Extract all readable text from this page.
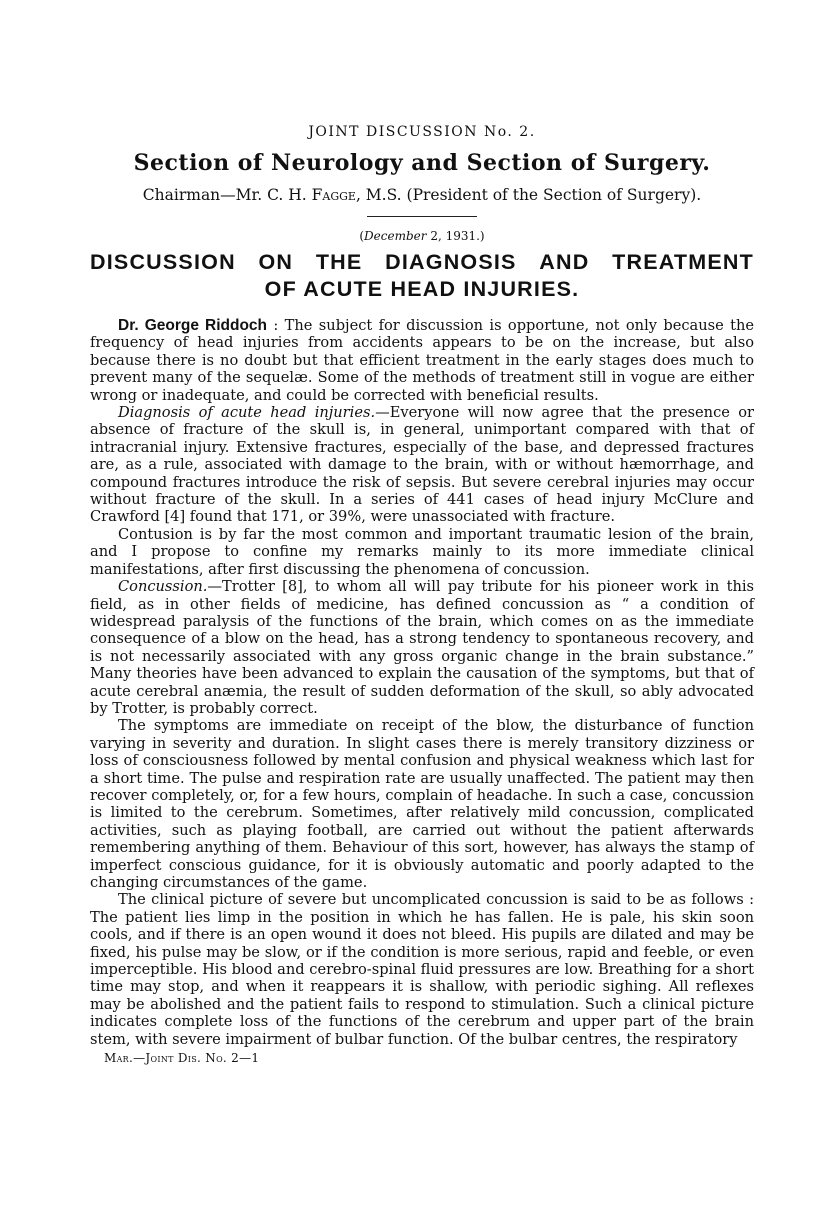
JOINT DISCUSSION No. 2.
Section of Neurology and Section of Surgery.
Chairman—Mr. C. H. Fagge, M.S. (President of the Section of Surgery).
(December 2, 1931.)
DISCUSSION ON THE DIAGNOSIS AND TREATMENT
OF ACUTE HEAD INJURIES.

Dr. George Riddoch : The subject for discussion is opportune, not only because the frequency of head injuries from accidents appears to be on the increase, but also because there is no doubt but that efficient treatment in the early stages does much to prevent many of the sequelæ. Some of the methods of treatment still in vogue are either wrong or inadequate, and could be corrected with beneficial results.

Diagnosis of acute head injuries.—Everyone will now agree that the presence or absence of fracture of the skull is, in general, unimportant compared with that of intracranial injury. Extensive fractures, especially of the base, and depressed fractures are, as a rule, associated with damage to the brain, with or without hæmorrhage, and compound fractures introduce the risk of sepsis. But severe cerebral injuries may occur without fracture of the skull. In a series of 441 cases of head injury McClure and Crawford [4] found that 171, or 39%, were unassociated with fracture.

Contusion is by far the most common and important traumatic lesion of the brain, and I propose to confine my remarks mainly to its more immediate clinical manifestations, after first discussing the phenomena of concussion.

Concussion.—Trotter [8], to whom all will pay tribute for his pioneer work in this field, as in other fields of medicine, has defined concussion as “ a condition of widespread paralysis of the functions of the brain, which comes on as the immediate consequence of a blow on the head, has a strong tendency to spontaneous recovery, and is not necessarily associated with any gross organic change in the brain substance.” Many theories have been advanced to explain the causation of the symptoms, but that of acute cerebral anæmia, the result of sudden deformation of the skull, so ably advocated by Trotter, is probably correct.

The symptoms are immediate on receipt of the blow, the disturbance of function varying in severity and duration. In slight cases there is merely transitory dizziness or loss of consciousness followed by mental confusion and physical weakness which last for a short time. The pulse and respiration rate are usually unaffected. The patient may then recover completely, or, for a few hours, complain of headache. In such a case, concussion is limited to the cerebrum. Sometimes, after relatively mild concussion, complicated activities, such as playing football, are carried out without the patient afterwards remembering anything of them. Behaviour of this sort, however, has always the stamp of imperfect conscious guidance, for it is obviously automatic and poorly adapted to the changing circumstances of the game.

The clinical picture of severe but uncomplicated concussion is said to be as follows : The patient lies limp in the position in which he has fallen. He is pale, his skin soon cools, and if there is an open wound it does not bleed. His pupils are dilated and may be fixed, his pulse may be slow, or if the condition is more serious, rapid and feeble, or even imperceptible. His blood and cerebro-spinal fluid pressures are low. Breathing for a short time may stop, and when it reappears it is shallow, with periodic sighing. All reflexes may be abolished and the patient fails to respond to stimulation. Such a clinical picture indicates complete loss of the functions of the cerebrum and upper part of the brain stem, with severe impairment of bulbar function. Of the bulbar centres, the respiratory

Mar.—Joint Dis. No. 2—1
